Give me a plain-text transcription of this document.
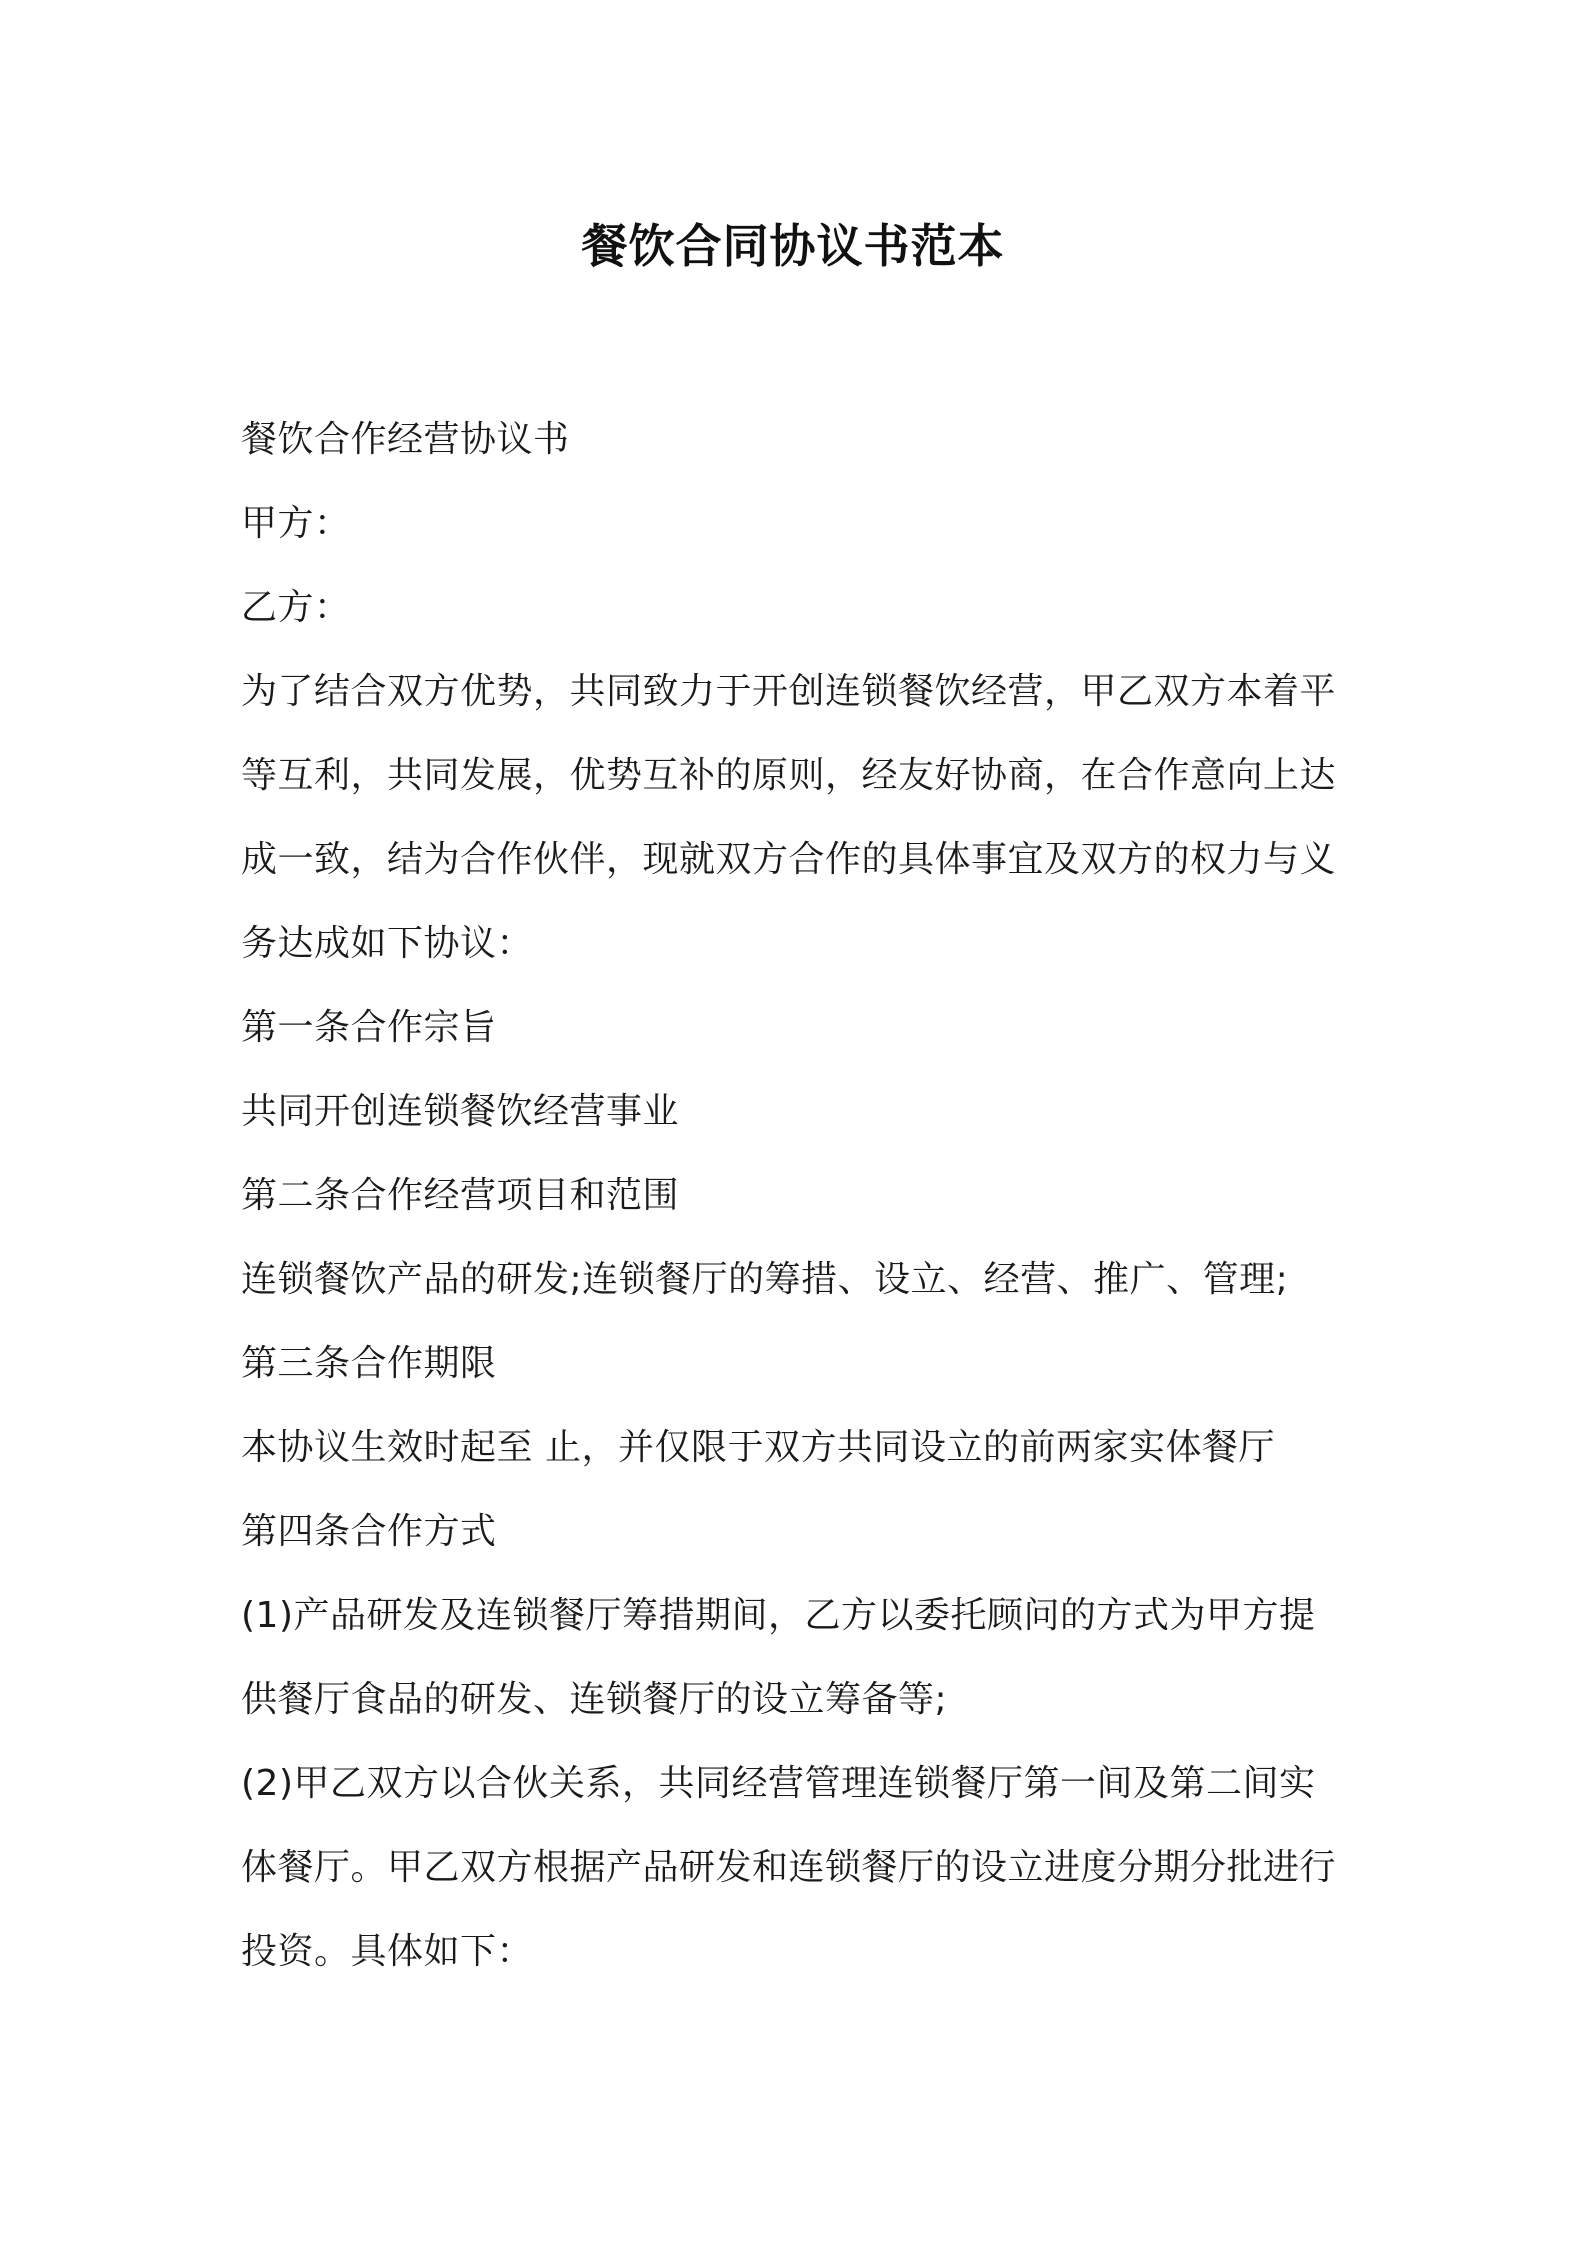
餐饮合同协议书范本
餐饮合作经营协议书
甲方：
乙方：
为了结合双方优势，共同致力于开创连锁餐饮经营，甲乙双方本着平
等互利，共同发展，优势互补的原则，经友好协商，在合作意向上达
成一致，结为合作伙伴，现就双方合作的具体事宜及双方的权力与义
务达成如下协议：
第一条合作宗旨
共同开创连锁餐饮经营事业
第二条合作经营项目和范围
连锁餐饮产品的研发;连锁餐厅的筹措、设立、经营、推广、管理;
第三条合作期限
本协议生效时起至 止，并仅限于双方共同设立的前两家实体餐厅
第四条合作方式
(1)产品研发及连锁餐厅筹措期间，乙方以委托顾问的方式为甲方提
供餐厅食品的研发、连锁餐厅的设立筹备等;
(2)甲乙双方以合伙关系，共同经营管理连锁餐厅第一间及第二间实
体餐厅。甲乙双方根据产品研发和连锁餐厅的设立进度分期分批进行
投资。具体如下：
